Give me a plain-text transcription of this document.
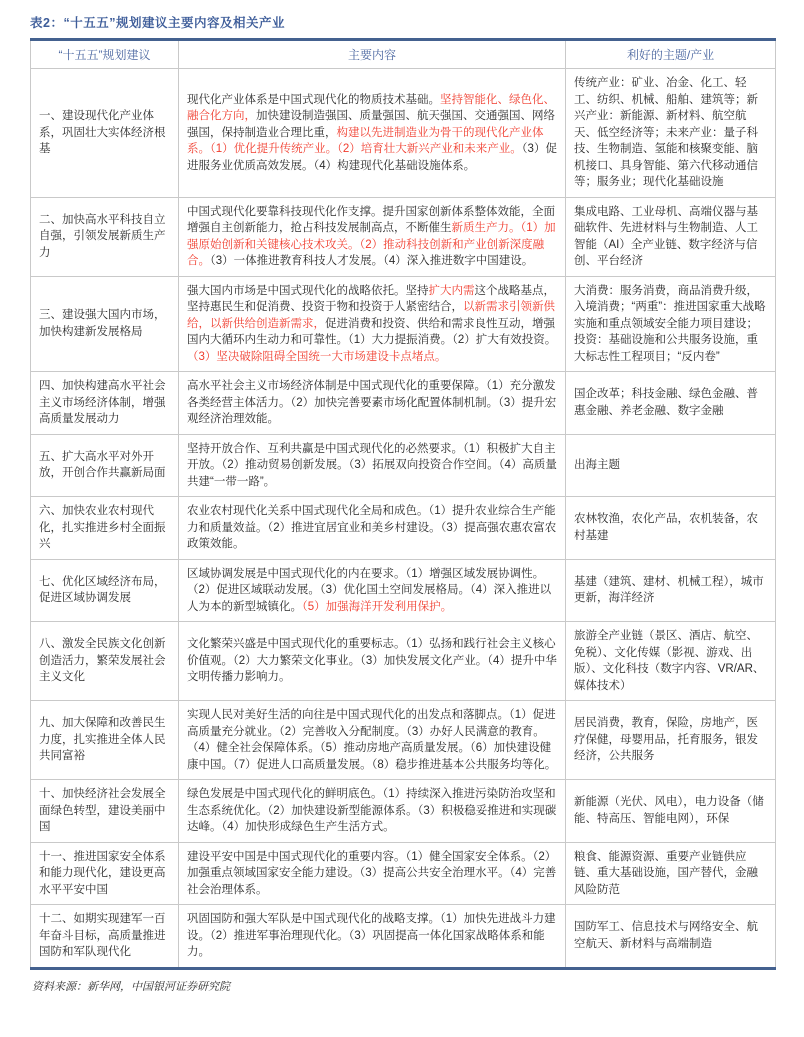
表2：“十五五”规划建议主要内容及相关产业
“十五五”规划建议	主要内容	利好的主题/产业
一、建设现代化产业体系，巩固壮大实体经济根基	现代化产业体系是中国式现代化的物质技术基础。坚持智能化、绿色化、融合化方向，加快建设制造强国、质量强国、航天强国、交通强国、网络强国，保持制造业合理比重，构建以先进制造业为骨干的现代化产业体系。（1）优化提升传统产业。（2）培育壮大新兴产业和未来产业。（3）促进服务业优质高效发展。（4）构建现代化基础设施体系。	传统产业：矿业、冶金、化工、轻工、纺织、机械、船舶、建筑等；新兴产业：新能源、新材料、航空航天、低空经济等；未来产业：量子科技、生物制造、氢能和核聚变能、脑机接口、具身智能、第六代移动通信等；服务业；现代化基础设施
二、加快高水平科技自立自强，引领发展新质生产力	中国式现代化要靠科技现代化作支撑。提升国家创新体系整体效能，全面增强自主创新能力，抢占科技发展制高点，不断催生新质生产力。（1）加强原始创新和关键核心技术攻关。（2）推动科技创新和产业创新深度融合。（3）一体推进教育科技人才发展。（4）深入推进数字中国建设。	集成电路、工业母机、高端仪器与基础软件、先进材料与生物制造、人工智能（AI）全产业链、数字经济与信创、平台经济
三、建设强大国内市场，加快构建新发展格局	强大国内市场是中国式现代化的战略依托。坚持扩大内需这个战略基点，坚持惠民生和促消费、投资于物和投资于人紧密结合，以新需求引领新供给，以新供给创造新需求，促进消费和投资、供给和需求良性互动，增强国内大循环内生动力和可靠性。（1）大力提振消费。（2）扩大有效投资。（3）坚决破除阻碍全国统一大市场建设卡点堵点。	大消费：服务消费，商品消费升级，入境消费；“两重”：推进国家重大战略实施和重点领域安全能力项目建设；投资：基础设施和公共服务设施，重大标志性工程项目；“反内卷”
四、加快构建高水平社会主义市场经济体制，增强高质量发展动力	高水平社会主义市场经济体制是中国式现代化的重要保障。（1）充分激发各类经营主体活力。（2）加快完善要素市场化配置体制机制。（3）提升宏观经济治理效能。	国企改革；科技金融、绿色金融、普惠金融、养老金融、数字金融
五、扩大高水平对外开放，开创合作共赢新局面	坚持开放合作、互利共赢是中国式现代化的必然要求。（1）积极扩大自主开放。（2）推动贸易创新发展。（3）拓展双向投资合作空间。（4）高质量共建“一带一路”。	出海主题
六、加快农业农村现代化，扎实推进乡村全面振兴	农业农村现代化关系中国式现代化全局和成色。（1）提升农业综合生产能力和质量效益。（2）推进宜居宜业和美乡村建设。（3）提高强农惠农富农政策效能。	农林牧渔，农化产品，农机装备，农村基建
七、优化区域经济布局，促进区域协调发展	区域协调发展是中国式现代化的内在要求。（1）增强区域发展协调性。（2）促进区域联动发展。（3）优化国土空间发展格局。（4）深入推进以人为本的新型城镇化。（5）加强海洋开发利用保护。	基建（建筑、建材、机械工程），城市更新，海洋经济
八、激发全民族文化创新创造活力，繁荣发展社会主义文化	文化繁荣兴盛是中国式现代化的重要标志。（1）弘扬和践行社会主义核心价值观。（2）大力繁荣文化事业。（3）加快发展文化产业。（4）提升中华文明传播力影响力。	旅游全产业链（景区、酒店、航空、免税）、文化传媒（影视、游戏、出版）、文化科技（数字内容、VR/AR、媒体技术）
九、加大保障和改善民生力度，扎实推进全体人民共同富裕	实现人民对美好生活的向往是中国式现代化的出发点和落脚点。（1）促进高质量充分就业。（2）完善收入分配制度。（3）办好人民满意的教育。（4）健全社会保障体系。（5）推动房地产高质量发展。（6）加快建设健康中国。（7）促进人口高质量发展。（8）稳步推进基本公共服务均等化。	居民消费，教育，保险，房地产，医疗保健，母婴用品，托育服务，银发经济，公共服务
十、加快经济社会发展全面绿色转型，建设美丽中国	绿色发展是中国式现代化的鲜明底色。（1）持续深入推进污染防治攻坚和生态系统优化。（2）加快建设新型能源体系。（3）积极稳妥推进和实现碳达峰。（4）加快形成绿色生产生活方式。	新能源（光伏、风电），电力设备（储能、特高压、智能电网），环保
十一、推进国家安全体系和能力现代化，建设更高水平平安中国	建设平安中国是中国式现代化的重要内容。（1）健全国家安全体系。（2）加强重点领域国家安全能力建设。（3）提高公共安全治理水平。（4）完善社会治理体系。	粮食、能源资源、重要产业链供应链、重大基础设施，国产替代，金融风险防范
十二、如期实现建军一百年奋斗目标，高质量推进国防和军队现代化	巩固国防和强大军队是中国式现代化的战略支撑。（1）加快先进战斗力建设。（2）推进军事治理现代化。（3）巩固提高一体化国家战略体系和能力。	国防军工、信息技术与网络安全、航空航天、新材料与高端制造
资料来源：新华网，中国银河证券研究院
